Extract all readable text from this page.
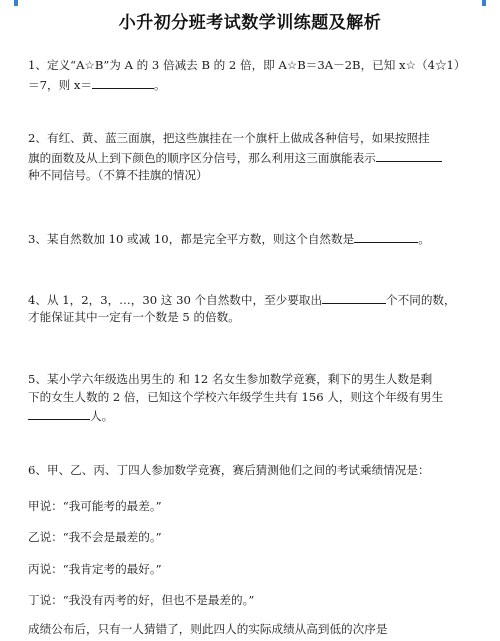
小升初分班考试数学训练题及解析
1、定义“A☆B”为 A 的 3 倍减去 B 的 2 倍，即 A☆B＝3A－2B，已知 x☆（4☆1）
＝7，则 x＝	。
2、有红、黄、蓝三面旗，把这些旗挂在一个旗杆上做成各种信号，如果按照挂
旗的面数及从上到下颜色的顺序区分信号，那么利用这三面旗能表示
种不同信号。（不算不挂旗的情况）
3、某自然数加 10 或减 10，都是完全平方数，则这个自然数是	。
4、从 1，2，3，…，30 这 30 个自然数中，至少要取出	个不同的数，
才能保证其中一定有一个数是 5 的倍数。
5、某小学六年级选出男生的 和 12 名女生参加数学竞赛，剩下的男生人数是剩
下的女生人数的 2 倍，已知这个学校六年级学生共有 156 人，则这个年级有男生
人。
6、甲、乙、丙、丁四人参加数学竞赛，赛后猜测他们之间的考试乘绩情况是：
甲说：“我可能考的最差。”
乙说：“我不会是最差的。”
丙说：“我肯定考的最好。”
丁说：“我没有丙考的好，但也不是最差的。”
成绩公布后，只有一人猜错了，则此四人的实际成绩从高到低的次序是
